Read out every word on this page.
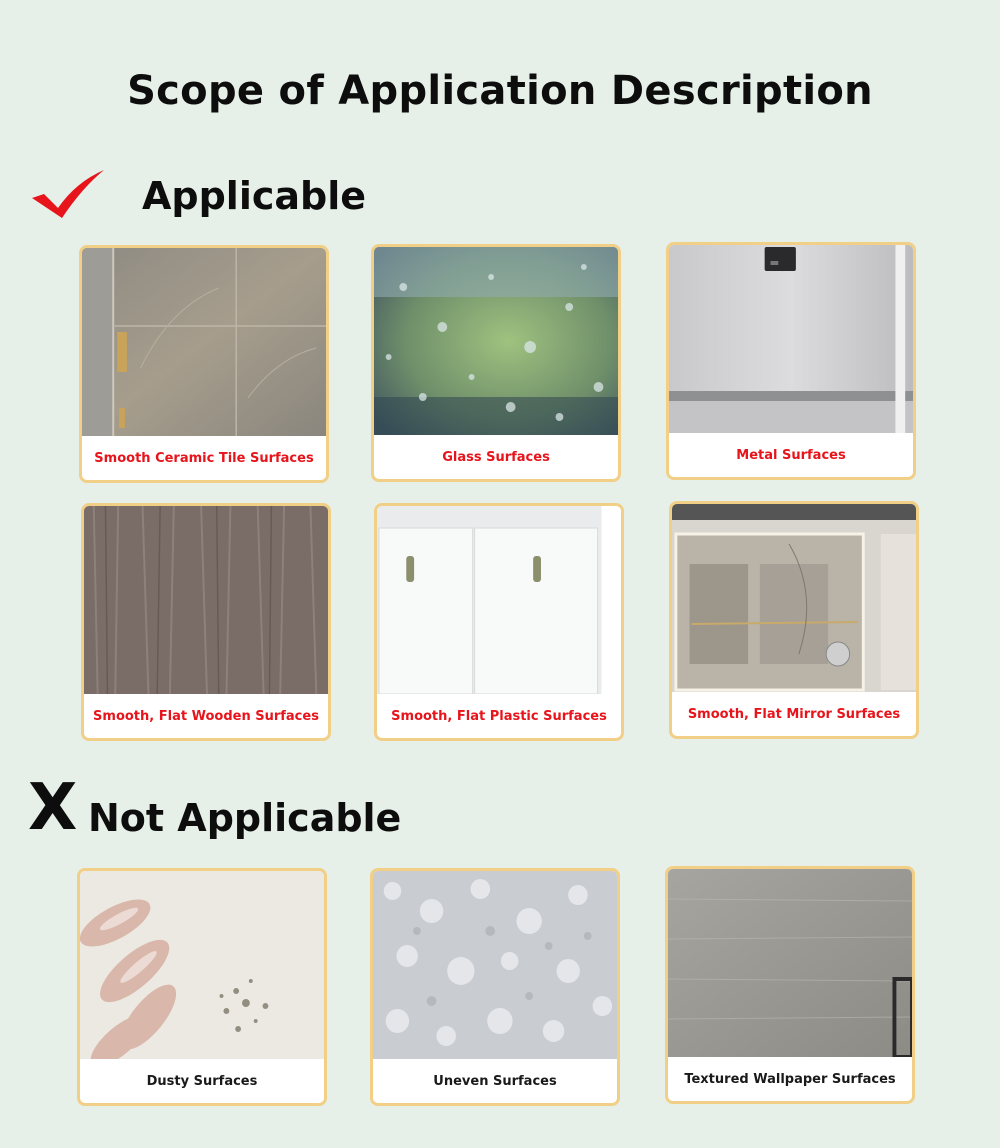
Scope of Application Description
Applicable
Smooth Ceramic Tile Surfaces	Glass Surfaces	Metal Surfaces
Smooth, Flat Wooden Surfaces	Smooth, Flat Plastic Surfaces	Smooth, Flat Mirror Surfaces
X Not Applicable
Dusty Surfaces	Uneven Surfaces	Textured Wallpaper Surfaces
